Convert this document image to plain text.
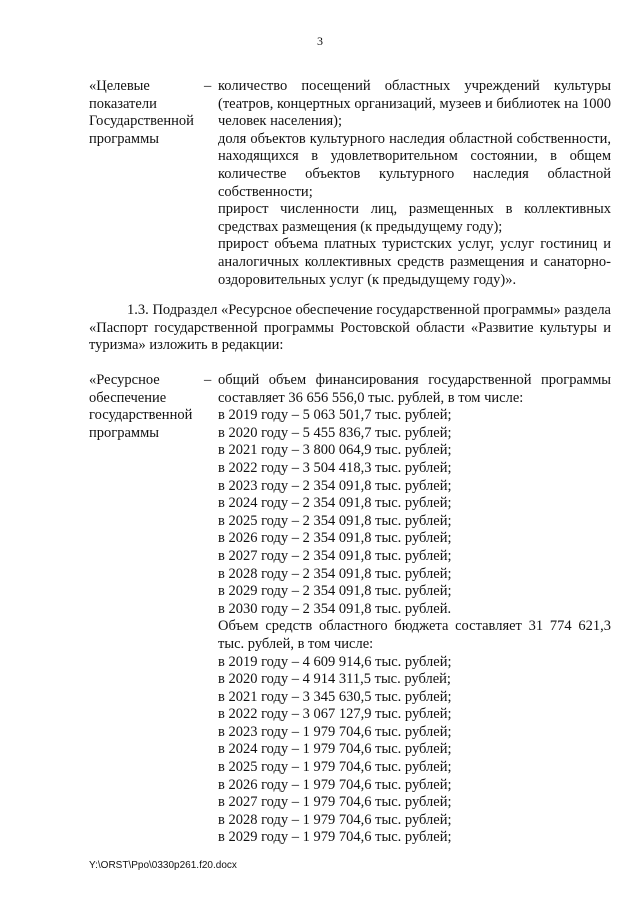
3
«Целевые показатели Государственной программы
– количество посещений областных учреждений культуры (театров, концертных организаций, музеев и библиотек на 1000 человек населения);
доля объектов культурного наследия областной собственности, находящихся в удовлетворительном состоянии, в общем количестве объектов культурного наследия областной собственности;
прирост численности лиц, размещенных в коллективных средствах размещения (к предыдущему году);
прирост объема платных туристских услуг, услуг гостиниц и аналогичных коллективных средств размещения и санаторно-оздоровительных услуг (к предыдущему году)».
1.3. Подраздел «Ресурсное обеспечение государственной программы» раздела «Паспорт государственной программы Ростовской области «Развитие культуры и туризма» изложить в редакции:
«Ресурсное обеспечение государственной программы
– общий объем финансирования государственной программы составляет 36 656 556,0 тыс. рублей, в том числе:
в 2019 году – 5 063 501,7 тыс. рублей;
в 2020 году – 5 455 836,7 тыс. рублей;
в 2021 году – 3 800 064,9 тыс. рублей;
в 2022 году – 3 504 418,3 тыс. рублей;
в 2023 году – 2 354 091,8 тыс. рублей;
в 2024 году – 2 354 091,8 тыс. рублей;
в 2025 году – 2 354 091,8 тыс. рублей;
в 2026 году – 2 354 091,8 тыс. рублей;
в 2027 году – 2 354 091,8 тыс. рублей;
в 2028 году – 2 354 091,8 тыс. рублей;
в 2029 году – 2 354 091,8 тыс. рублей;
в 2030 году – 2 354 091,8 тыс. рублей.
Объем средств областного бюджета составляет 31 774 621,3 тыс. рублей, в том числе:
в 2019 году – 4 609 914,6 тыс. рублей;
в 2020 году – 4 914 311,5 тыс. рублей;
в 2021 году – 3 345 630,5 тыс. рублей;
в 2022 году – 3 067 127,9 тыс. рублей;
в 2023 году – 1 979 704,6 тыс. рублей;
в 2024 году – 1 979 704,6 тыс. рублей;
в 2025 году – 1 979 704,6 тыс. рублей;
в 2026 году – 1 979 704,6 тыс. рублей;
в 2027 году – 1 979 704,6 тыс. рублей;
в 2028 году – 1 979 704,6 тыс. рублей;
в 2029 году – 1 979 704,6 тыс. рублей;
Y:\ORST\Ppo\0330p261.f20.docx
